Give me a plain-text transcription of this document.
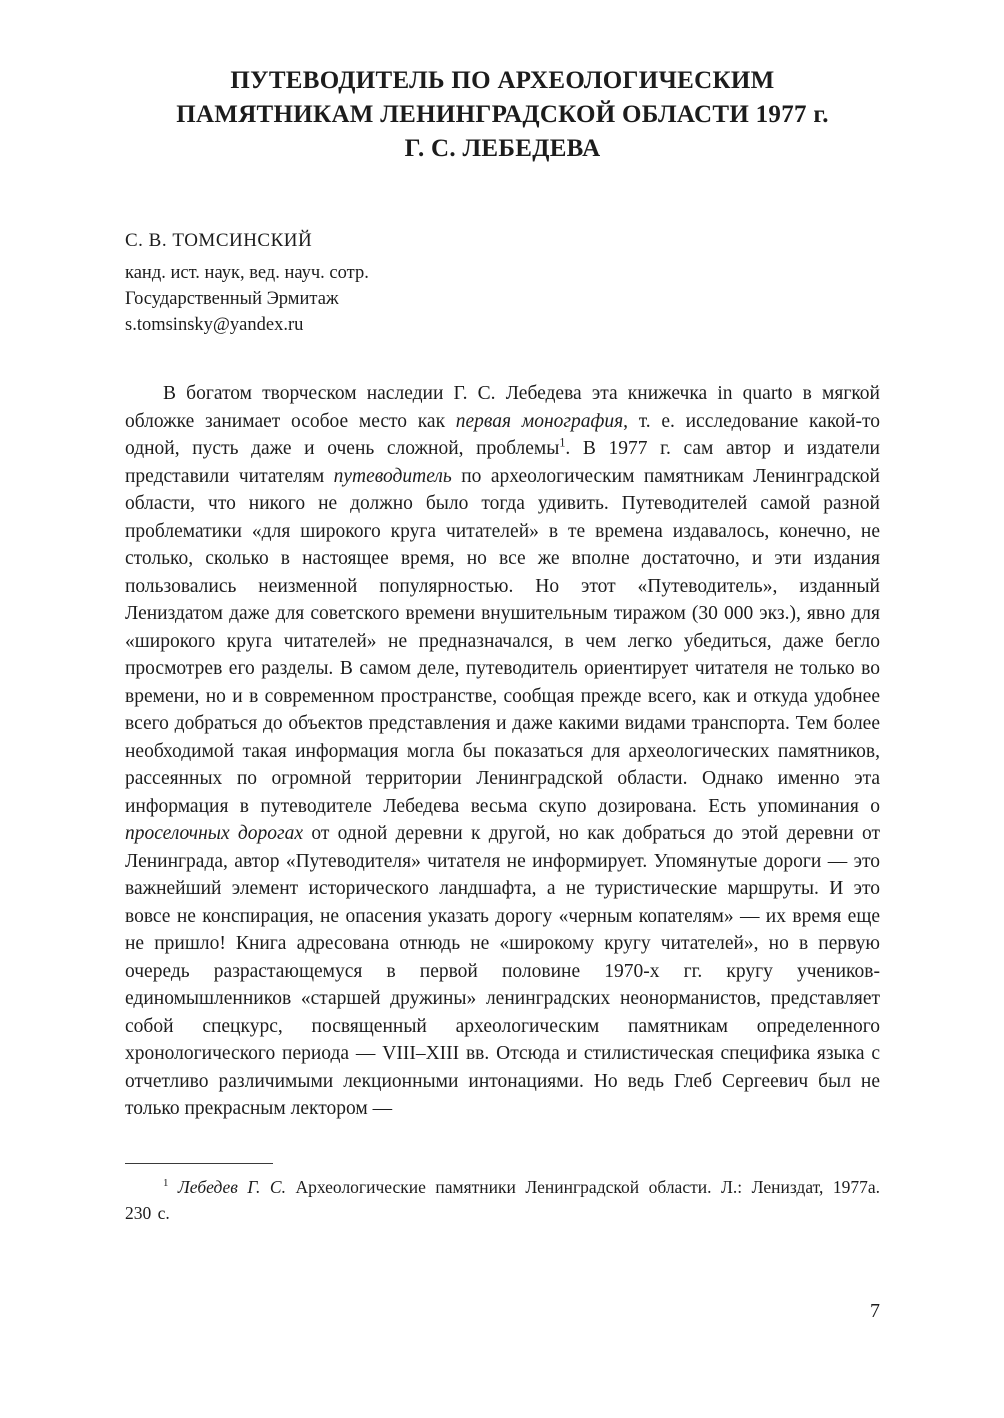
ПУТЕВОДИТЕЛЬ ПО АРХЕОЛОГИЧЕСКИМ
ПАМЯТНИКАМ ЛЕНИНГРАДСКОЙ ОБЛАСТИ 1977 г.
Г. С. ЛЕБЕДЕВА
С. В. ТОМСИНСКИЙ
канд. ист. наук, вед. науч. сотр.
Государственный Эрмитаж
s.tomsinsky@yandex.ru

В богатом творческом наследии Г. С. Лебедева эта книжечка in quarto в мягкой обложке занимает особое место как первая монография, т. е. исследование какой-то одной, пусть даже и очень сложной, проблемы$^1$. В 1977 г. сам автор и издатели представили читателям путеводитель по археологическим памятникам Ленинградской области, что никого не должно было тогда удивить. Путеводителей самой разной проблематики «для широкого круга читателей» в те времена издавалось, конечно, не столько, сколько в настоящее время, но все же вполне достаточно, и эти издания пользовались неизменной популярностью. Но этот «Путеводитель», изданный Лениздатом даже для советского времени внушительным тиражом (30 000 экз.), явно для «широкого круга читателей» не предназначался, в чем легко убедиться, даже бегло просмотрев его разделы. В самом деле, путеводитель ориентирует читателя не только во времени, но и в современном пространстве, сообщая прежде всего, как и откуда удобнее всего добраться до объектов представления и даже какими видами транспорта. Тем более необходимой такая информация могла бы показаться для археологических памятников, рассеянных по огромной территории Ленинградской области. Однако именно эта информация в путеводителе Лебедева весьма скупо дозирована. Есть упоминания о проселочных дорогах от одной деревни к другой, но как добраться до этой деревни от Ленинграда, автор «Путеводителя» читателя не информирует. Упомянутые дороги — это важнейший элемент исторического ландшафта, а не туристические маршруты. И это вовсе не конспирация, не опасения указать дорогу «черным копателям» — их время еще не пришло! Книга адресована отнюдь не «широкому кругу читателей», но в первую очередь разрастающемуся в первой половине 1970-х гг. кругу учеников-единомышленников «старшей дружины» ленинградских неонорманистов, представляет собой спецкурс, посвященный археологическим памятникам определенного хронологического периода — VIII–XIII вв. Отсюда и стилистическая специфика языка с отчетливо различимыми лекционными интонациями. Но ведь Глеб Сергеевич был не только прекрасным лектором —

$^1$ Лебедев Г. С. Археологические памятники Ленинградской области. Л.: Лениздат, 1977а. 230 с.
7
